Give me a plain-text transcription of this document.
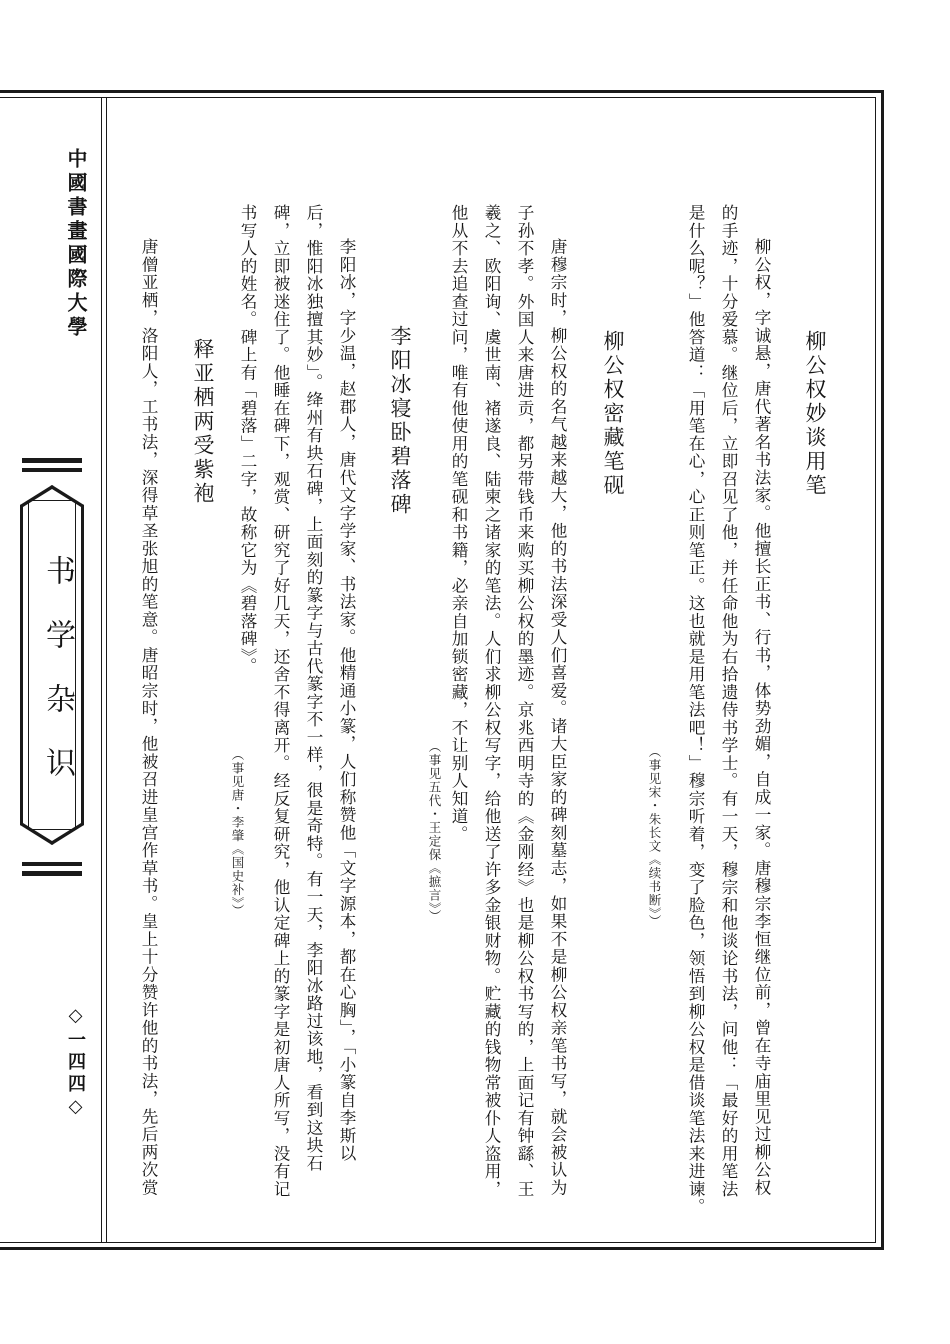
中國書畫國際大學
书学杂识
◇一四四◇
柳公权妙谈用笔
柳公权，字诚悬，唐代著名书法家。他擅长正书、行书，体势劲媚，自成一家。唐穆宗李恒继位前，曾在寺庙里见过柳公权
的手迹，十分爱慕。继位后，立即召见了他，并任命他为右拾遗侍书学士。有一天，穆宗和他谈论书法，问他：「最好的用笔法
是什么呢？」他答道：「用笔在心，心正则笔正。这也就是用笔法吧！」穆宗听着，变了脸色，领悟到柳公权是借谈笔法来进谏。
（事见宋・朱长文《续书断》）
柳公权密藏笔砚
唐穆宗时，柳公权的名气越来越大，他的书法深受人们喜爱。诸大臣家的碑刻墓志，如果不是柳公权亲笔书写，就会被认为
子孙不孝。外国人来唐进贡，都另带钱币来购买柳公权的墨迹。京兆西明寺的《金刚经》也是柳公权书写的，上面记有钟繇、王
羲之、欧阳询、虞世南、褚遂良、陆柬之诸家的笔法。人们求柳公权写字，给他送了许多金银财物。贮藏的钱物常被仆人盗用，
他从不去追查过问，唯有他使用的笔砚和书籍，必亲自加锁密藏，不让别人知道。
（事见五代・王定保《摭言》）
李阳冰寝卧碧落碑
李阳冰，字少温，赵郡人，唐代文字学家、书法家。他精通小篆，人们称赞他「文字源本，都在心胸」，「小篆自李斯以
后，惟阳冰独擅其妙」。绛州有块石碑，上面刻的篆字与古代篆字不一样，很是奇特。有一天，李阳冰路过该地，看到这块石
碑，立即被迷住了。他睡在碑下，观赏、研究了好几天，还舍不得离开。经反复研究，他认定碑上的篆字是初唐人所写，没有记
书写人的姓名。碑上有「碧落」二字，故称它为《碧落碑》。
（事见唐・李肇《国史补》）
释亚栖两受紫袍
唐僧亚栖，洛阳人，工书法，深得草圣张旭的笔意。唐昭宗时，他被召进皇宫作草书。皇上十分赞许他的书法，先后两次赏
